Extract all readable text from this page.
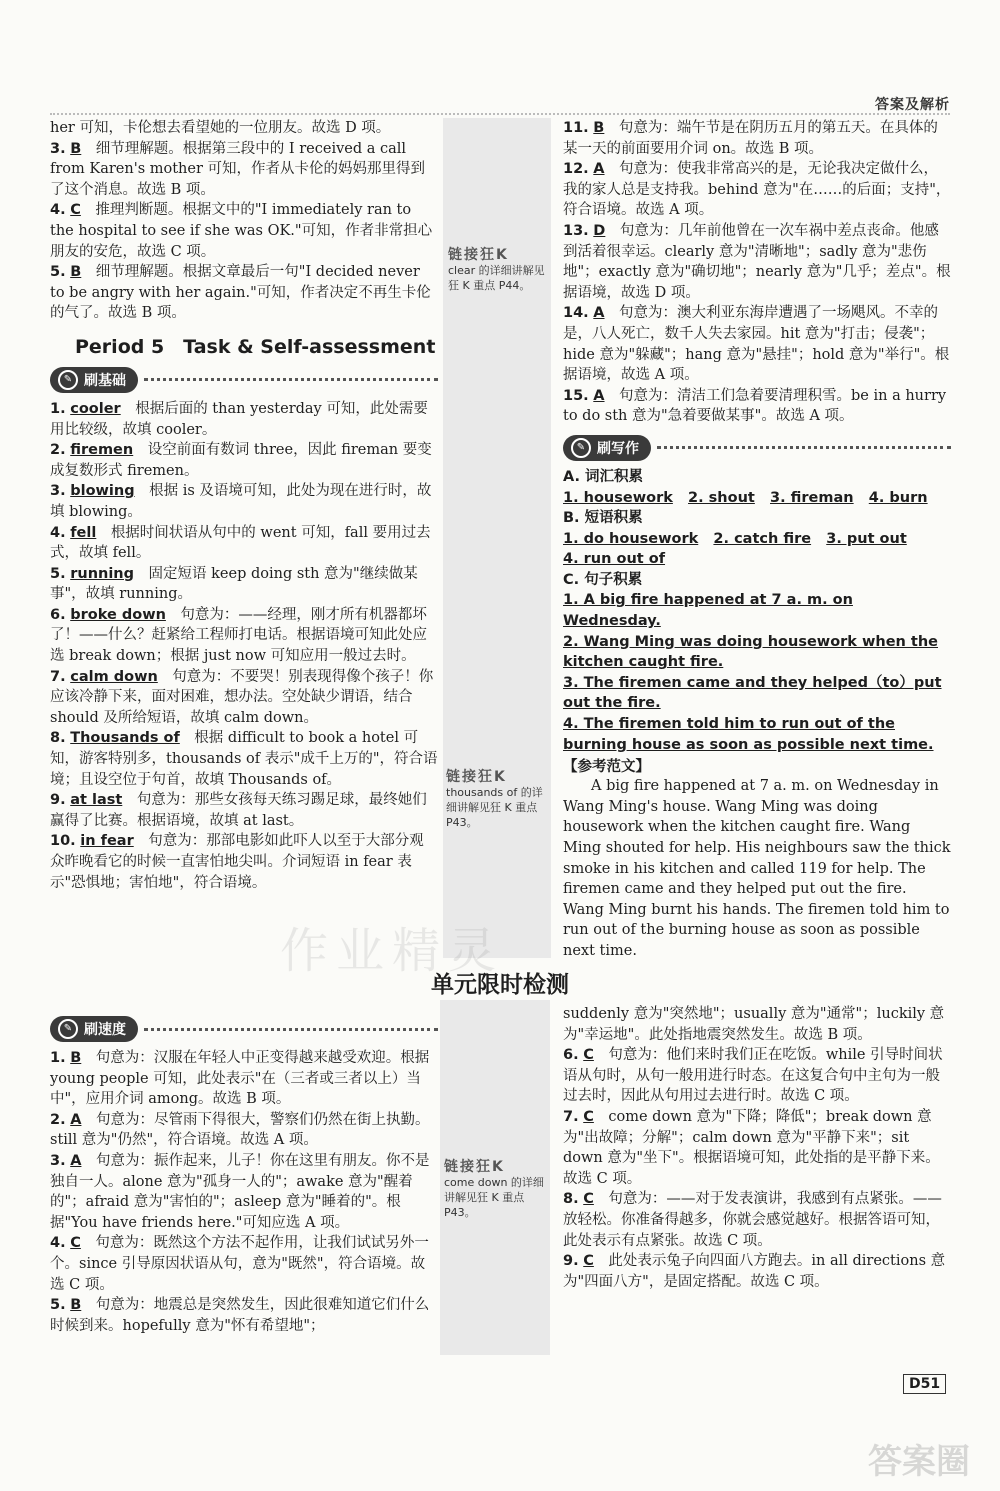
答案及解析
链接狂K
clear 的详细讲解见狂 K 重点 P44。
链接狂K
thousands of 的详细讲解见狂 K 重点 P43。
链接狂K
come down 的详细讲解见狂 K 重点 P43。

her 可知，卡伦想去看望她的一位朋友。故选 D 项。

3. B　 细节理解题。根据第三段中的 I received a call from Karen's mother 可知，作者从卡伦的妈妈那里得到了这个消息。故选 B 项。

4. C　 推理判断题。根据文中的"I immediately ran to the hospital to see if she was OK."可知，作者非常担心朋友的安危，故选 C 项。

5. B　 细节理解题。根据文章最后一句"I decided never to be angry with her again."可知，作者决定不再生卡伦的气了。故选 B 项。

Period 5　Task & Self-assessment
✎ 刷基础

1. cooler　 根据后面的 than yesterday 可知，此处需要用比较级，故填 cooler。

2. firemen　 设空前面有数词 three，因此 fireman 要变成复数形式 firemen。

3. blowing　 根据 is 及语境可知，此处为现在进行时，故填 blowing。

4. fell　 根据时间状语从句中的 went 可知，fall 要用过去式，故填 fell。

5. running　 固定短语 keep doing sth 意为"继续做某事"，故填 running。

6. broke down　 句意为：——经理，刚才所有机器都坏了！——什么？赶紧给工程师打电话。根据语境可知此处应选 break down；根据 just now 可知应用一般过去时。

7. calm down　 句意为：不要哭！别表现得像个孩子！你应该冷静下来，面对困难，想办法。空处缺少谓语，结合 should 及所给短语，故填 calm down。

8. Thousands of　 根据 difficult to book a hotel 可知，游客特别多，thousands of 表示"成千上万的"，符合语境；且设空位于句首，故填 Thousands of。

9. at last　 句意为：那些女孩每天练习踢足球，最终她们赢得了比赛。根据语境，故填 at last。

10. in fear　 句意为：那部电影如此吓人以至于大部分观众昨晚看它的时候一直害怕地尖叫。介词短语 in fear 表示"恐惧地；害怕地"，符合语境。

11. B　 句意为：端午节是在阴历五月的第五天。在具体的某一天的前面要用介词 on。故选 B 项。

12. A　 句意为：使我非常高兴的是，无论我决定做什么，我的家人总是支持我。behind 意为"在……的后面；支持"，符合语境。故选 A 项。

13. D　 句意为：几年前他曾在一次车祸中差点丧命。他感到活着很幸运。clearly 意为"清晰地"；sadly 意为"悲伤地"；exactly 意为"确切地"；nearly 意为"几乎；差点"。根据语境，故选 D 项。

14. A　 句意为：澳大利亚东海岸遭遇了一场飓风。不幸的是，八人死亡，数千人失去家园。hit 意为"打击；侵袭"；hide 意为"躲藏"；hang 意为"悬挂"；hold 意为"举行"。根据语境，故选 A 项。

15. A　 句意为：清洁工们急着要清理积雪。be in a hurry to do sth 意为"急着要做某事"。故选 A 项。

✎ 刷写作
A. 词汇积累
1. housework 2. shout 3. fireman 4. burn
B. 短语积累
1. do housework 2. catch fire 3. put out
4. run out of
C. 句子积累
1. A big fire happened at 7 a. m. on Wednesday.
2. Wang Ming was doing housework when the kitchen caught fire.
3. The firemen came and they helped（to）put out the fire.
4. The firemen told him to run out of the burning house as soon as possible next time.
【参考范文】

A big fire happened at 7 a. m. on Wednesday in Wang Ming's house. Wang Ming was doing housework when the kitchen caught fire. Wang Ming shouted for help. His neighbours saw the thick smoke in his kitchen and called 119 for help. The firemen came and they helped put out the fire. Wang Ming burnt his hands. The firemen told him to run out of the burning house as soon as possible next time.

作业精灵
单元限时检测
✎ 刷速度

1. B　 句意为：汉服在年轻人中正变得越来越受欢迎。根据 young people 可知，此处表示"在（三者或三者以上）当中"，应用介词 among。故选 B 项。

2. A　 句意为：尽管雨下得很大，警察们仍然在街上执勤。still 意为"仍然"，符合语境。故选 A 项。

3. A　 句意为：振作起来，儿子！你在这里有朋友。你不是独自一人。alone 意为"孤身一人的"；awake 意为"醒着的"；afraid 意为"害怕的"；asleep 意为"睡着的"。根据"You have friends here."可知应选 A 项。

4. C　 句意为：既然这个方法不起作用，让我们试试另外一个。since 引导原因状语从句，意为"既然"，符合语境。故选 C 项。

5. B　 句意为：地震总是突然发生，因此很难知道它们什么时候到来。hopefully 意为"怀有希望地"；

suddenly 意为"突然地"；usually 意为"通常"；luckily 意为"幸运地"。此处指地震突然发生。故选 B 项。

6. C　 句意为：他们来时我们正在吃饭。while 引导时间状语从句时，从句一般用进行时态。在这复合句中主句为一般过去时，因此从句用过去进行时。故选 C 项。

7. C　 come down 意为"下降；降低"；break down 意为"出故障；分解"；calm down 意为"平静下来"；sit down 意为"坐下"。根据语境可知，此处指的是平静下来。故选 C 项。

8. C　 句意为：——对于发表演讲，我感到有点紧张。——放轻松。你准备得越多，你就会感觉越好。根据答语可知，此处表示有点紧张。故选 C 项。

9. C　 此处表示兔子向四面八方跑去。in all directions 意为"四面八方"，是固定搭配。故选 C 项。

D51
答案圈
